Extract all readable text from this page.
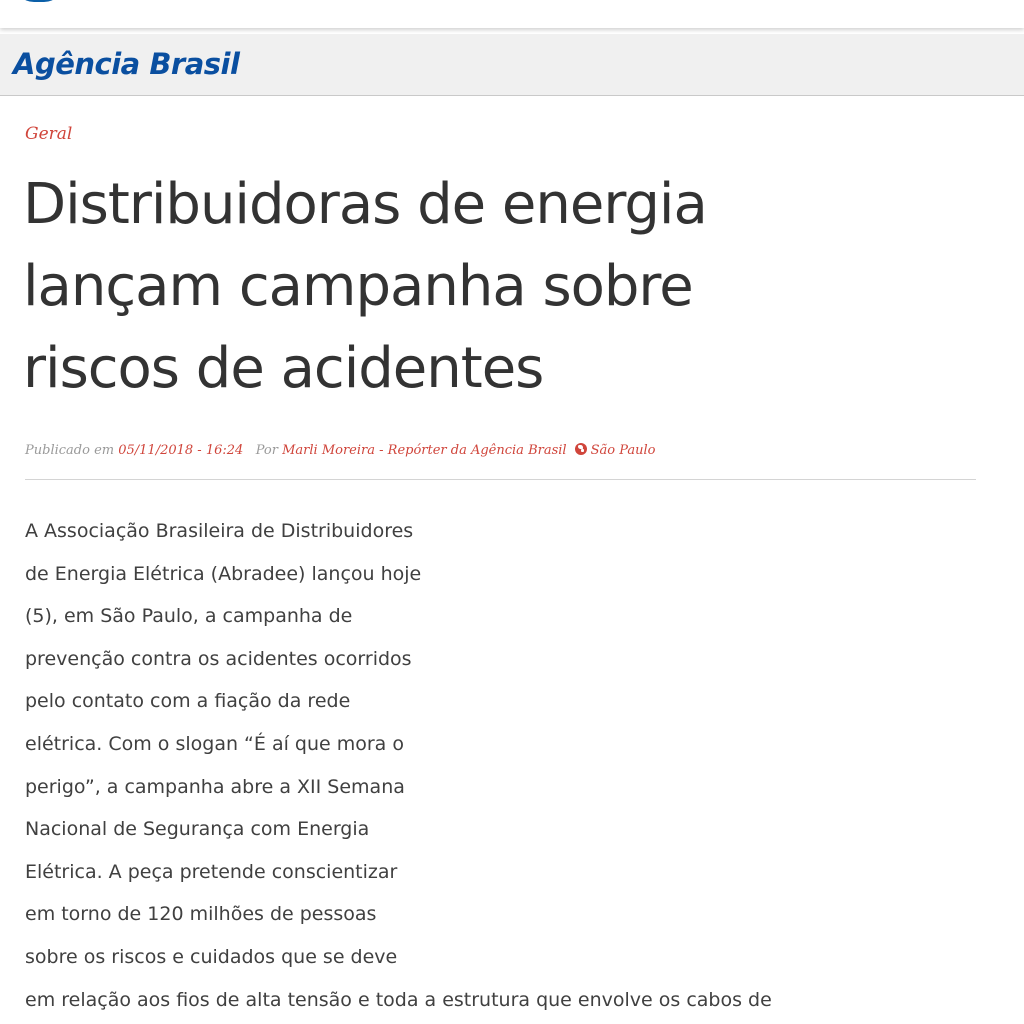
Agência Brasil
Geral
Distribuidoras de energia
lançam campanha sobre
riscos de acidentes
Publicado em 05/11/2018 - 16:24 Por Marli Moreira - Repórter da Agência Brasil São Paulo
A Associação Brasileira de Distribuidores
de Energia Elétrica (Abradee) lançou hoje
(5), em São Paulo, a campanha de
prevenção contra os acidentes ocorridos
pelo contato com a fiação da rede
elétrica. Com o slogan “É aí que mora o
perigo”, a campanha abre a XII Semana
Nacional de Segurança com Energia
Elétrica. A peça pretende conscientizar
em torno de 120 milhões de pessoas
sobre os riscos e cuidados que se deve
em relação aos fios de alta tensão e toda a estrutura que envolve os cabos de
